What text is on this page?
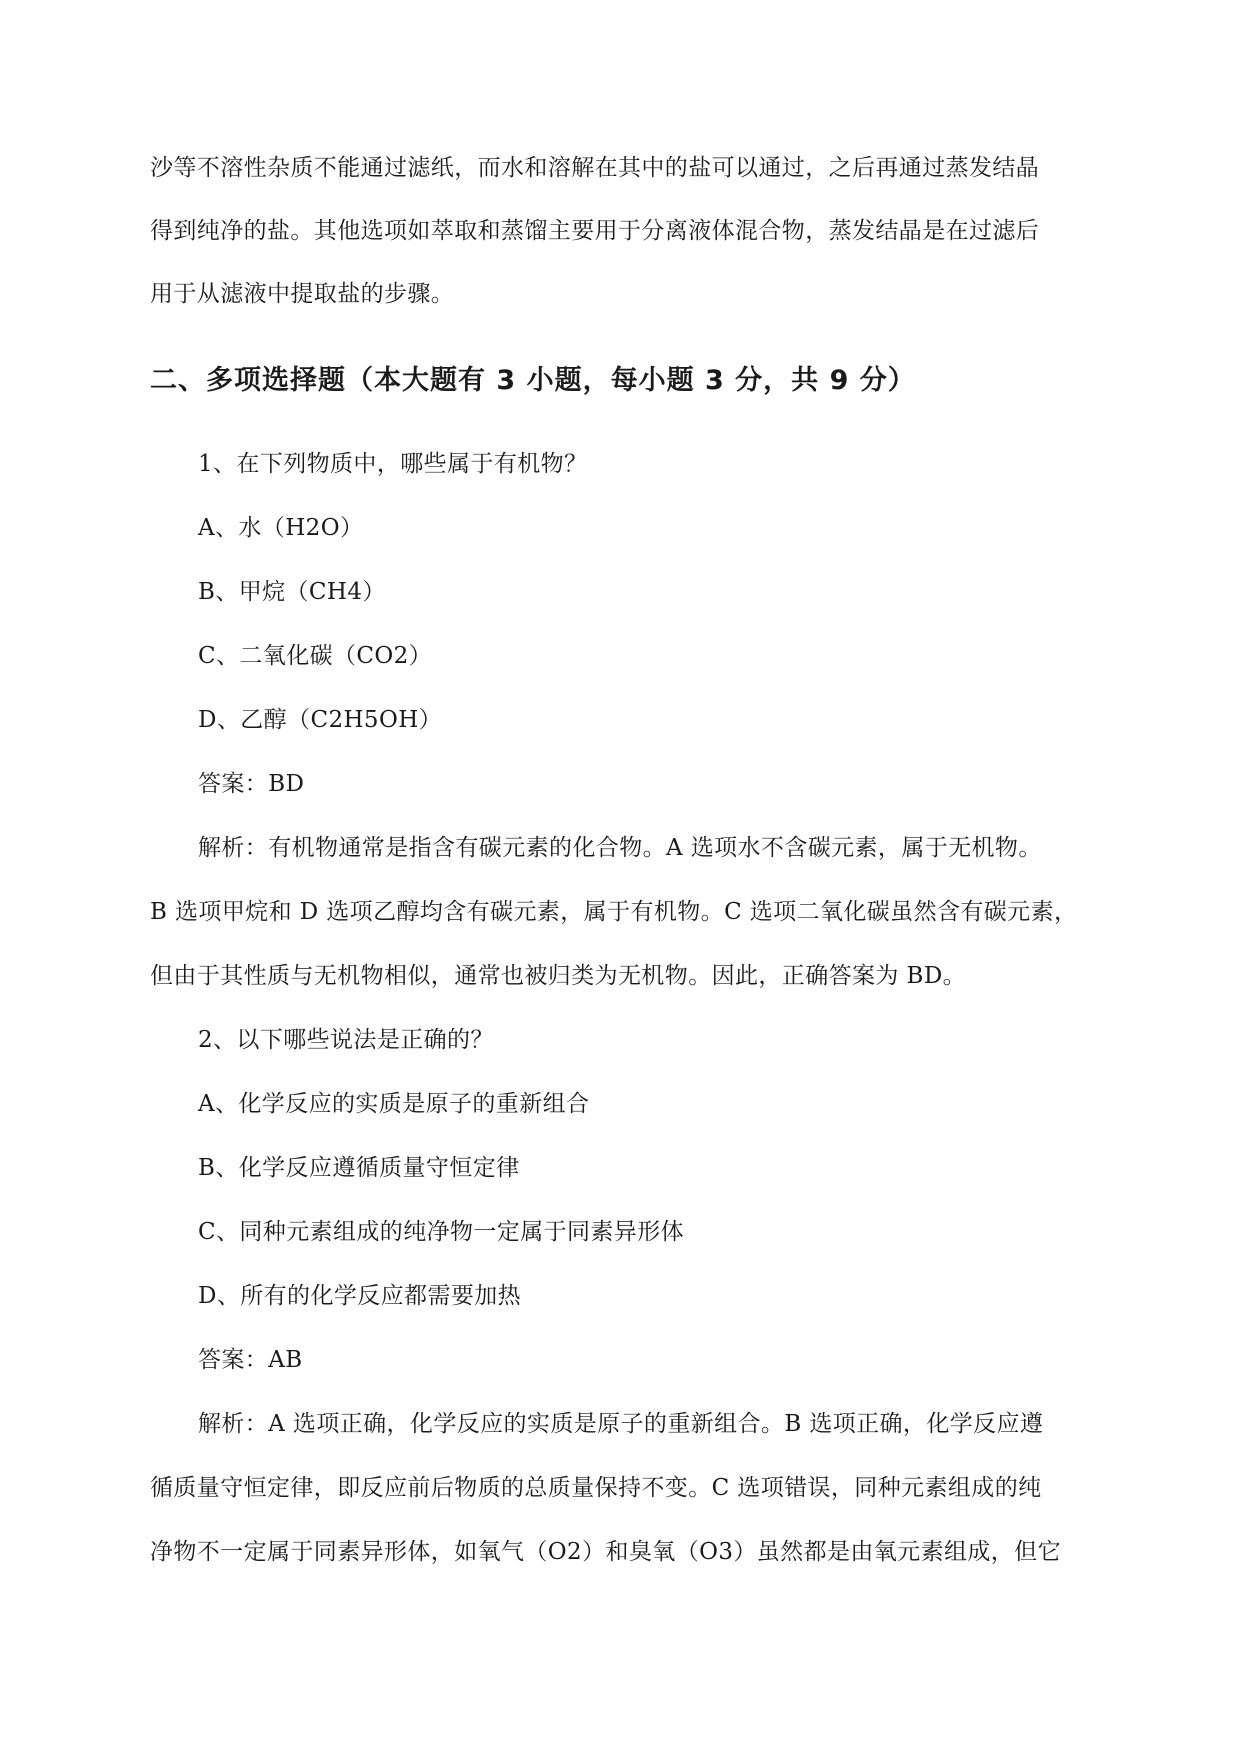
沙等不溶性杂质不能通过滤纸，而水和溶解在其中的盐可以通过，之后再通过蒸发结晶
得到纯净的盐。其他选项如萃取和蒸馏主要用于分离液体混合物，蒸发结晶是在过滤后
用于从滤液中提取盐的步骤。
二、多项选择题（本大题有 3 小题，每小题 3 分，共 9 分）
1、在下列物质中，哪些属于有机物？
A、水（H2O）
B、甲烷（CH4）
C、二氧化碳（CO2）
D、乙醇（C2H5OH）
答案：BD
解析：有机物通常是指含有碳元素的化合物。A 选项水不含碳元素，属于无机物。
B 选项甲烷和 D 选项乙醇均含有碳元素，属于有机物。C 选项二氧化碳虽然含有碳元素，
但由于其性质与无机物相似，通常也被归类为无机物。因此，正确答案为 BD。
2、以下哪些说法是正确的？
A、化学反应的实质是原子的重新组合
B、化学反应遵循质量守恒定律
C、同种元素组成的纯净物一定属于同素异形体
D、所有的化学反应都需要加热
答案：AB
解析：A 选项正确，化学反应的实质是原子的重新组合。B 选项正确，化学反应遵
循质量守恒定律，即反应前后物质的总质量保持不变。C 选项错误，同种元素组成的纯
净物不一定属于同素异形体，如氧气（O2）和臭氧（O3）虽然都是由氧元素组成，但它
